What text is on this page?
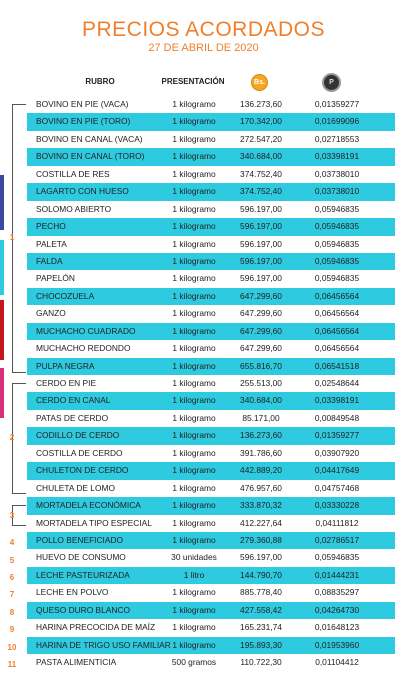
PRECIOS ACORDADOS
27 DE ABRIL DE 2020
RUBRO	PRESENTACIÓN	Bs.	P
1
2
3
4
5
6
7
8
9
10
11
BOVINO EN PIE (VACA)	1 kilogramo	136.273,60	0,01359277
BOVINO EN PIE (TORO)	1 kilogramo	170.342,00	0,01699096
BOVINO EN CANAL (VACA)	1 kilogramo	272.547,20	0,02718553
BOVINO EN CANAL (TORO)	1 kilogramo	340.684,00	0,03398191
COSTILLA DE RES	1 kilogramo	374.752,40	0,03738010
LAGARTO CON HUESO	1 kilogramo	374.752,40	0,03738010
SOLOMO ABIERTO	1 kilogramo	596.197,00	0,05946835
PECHO	1 kilogramo	596.197,00	0,05946835
PALETA	1 kilogramo	596.197,00	0,05946835
FALDA	1 kilogramo	596.197,00	0,05946835
PAPELÓN	1 kilogramo	596.197,00	0,05946835
CHOCOZUELA	1 kilogramo	647.299,60	0,06456564
GANZO	1 kilogramo	647.299,60	0,06456564
MUCHACHO CUADRADO	1 kilogramo	647.299,60	0,06456564
MUCHACHO REDONDO	1 kilogramo	647.299,60	0,06456564
PULPA NEGRA	1 kilogramo	655.816,70	0,06541518
CERDO EN PIE	1 kilogramo	255.513,00	0,02548644
CERDO EN CANAL	1 kilogramo	340.684,00	0,03398191
PATAS DE CERDO	1 kilogramo	85.171,00	0,00849548
CODILLO DE CERDO	1 kilogramo	136.273,60	0,01359277
COSTILLA DE CERDO	1 kilogramo	391.786,60	0,03907920
CHULETON DE CERDO	1 kilogramo	442.889,20	0,04417649
CHULETA DE LOMO	1 kilogramo	476.957,60	0,04757468
MORTADELA ECONÓMICA	1 kilogramo	333.870,32	0,03330228
MORTADELA TIPO ESPECIAL	1 kilogramo	412.227,64	0,04111812
POLLO BENEFICIADO	1 kilogramo	279.360,88	0,02786517
HUEVO DE CONSUMO	30 unidades	596.197,00	0,05946835
LECHE PASTEURIZADA	1 litro	144.790,70	0,01444231
LECHE EN POLVO	1 kilogramo	885.778,40	0,08835297
QUESO DURO BLANCO	1 kilogramo	427.558,42	0,04264730
HARINA PRECOCIDA DE MAÍZ	1 kilogramo	165.231,74	0,01648123
HARINA DE TRIGO USO FAMILIAR 1 kilogramo	195.893,30	0,01953960
PASTA ALIMENTICIA	500 gramos	110.722,30	0,01104412
